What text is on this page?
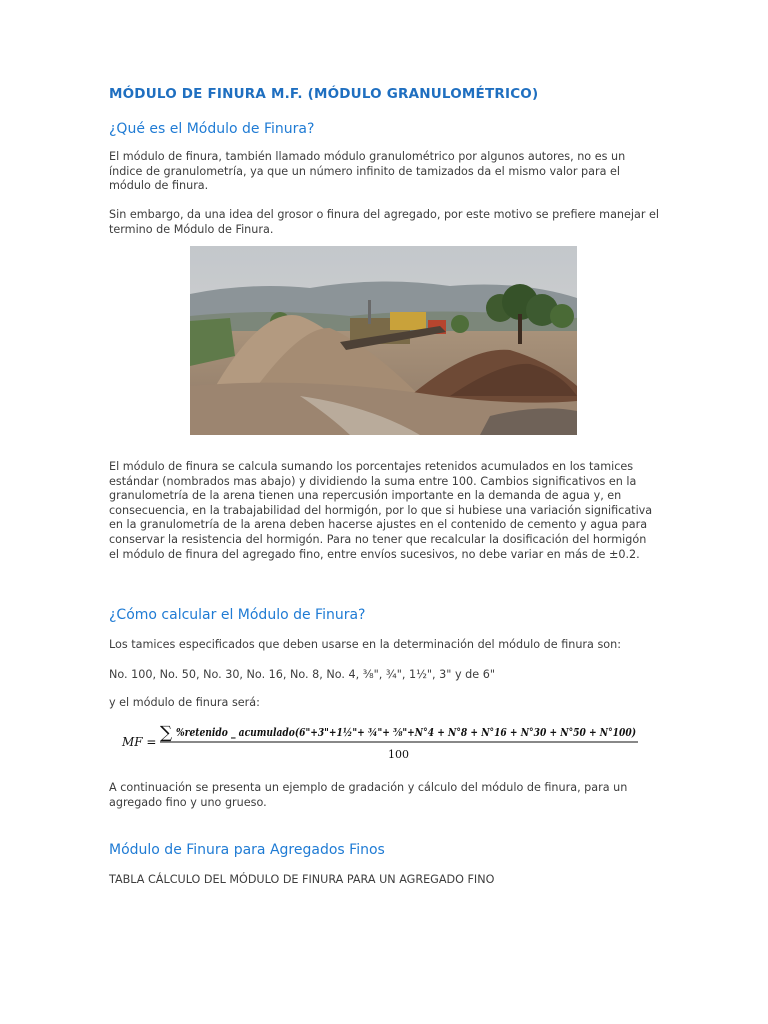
MÓDULO DE FINURA M.F. (MÓDULO GRANULOMÉTRICO)
¿Qué es el Módulo de Finura?

El módulo de finura, también llamado módulo granulométrico por algunos autores, no es un índice de granulometría, ya que un número infinito de tamizados da el mismo valor para el módulo de finura.

Sin embargo, da una idea del grosor o finura del agregado, por este motivo se prefiere manejar el termino de Módulo de Finura.

El módulo de finura se calcula sumando los porcentajes retenidos acumulados en los tamices estándar (nombrados mas abajo) y dividiendo la suma entre 100. Cambios significativos en la granulometría de la arena tienen una repercusión importante en la demanda de agua y, en consecuencia, en la trabajabilidad del hormigón, por lo que si hubiese una variación significativa en la granulometría de la arena deben hacerse ajustes en el contenido de cemento y agua para conservar la resistencia del hormigón. Para no tener que recalcular la dosificación del hormigón el módulo de finura del agregado fino, entre envíos sucesivos, no debe variar en más de ±0.2.

¿Cómo calcular el Módulo de Finura?

Los tamices especificados que deben usarse en la determinación del módulo de finura son:

No. 100, No. 50, No. 30, No. 16, No. 8, No. 4, ⅜", ¾", 1½", 3" y de 6"

y el módulo de finura será:

MF = ∑ %retenido _ acumulado(6"+3"+1½"+ ¾"+ ⅜"+N°4 + N°8 + N°16 + N°30 + N°50 + N°100)
100

A continuación se presenta un ejemplo de gradación y cálculo del módulo de finura, para un agregado fino y uno grueso.

Módulo de Finura para Agregados Finos

TABLA CÁLCULO DEL MÓDULO DE FINURA PARA UN AGREGADO FINO
